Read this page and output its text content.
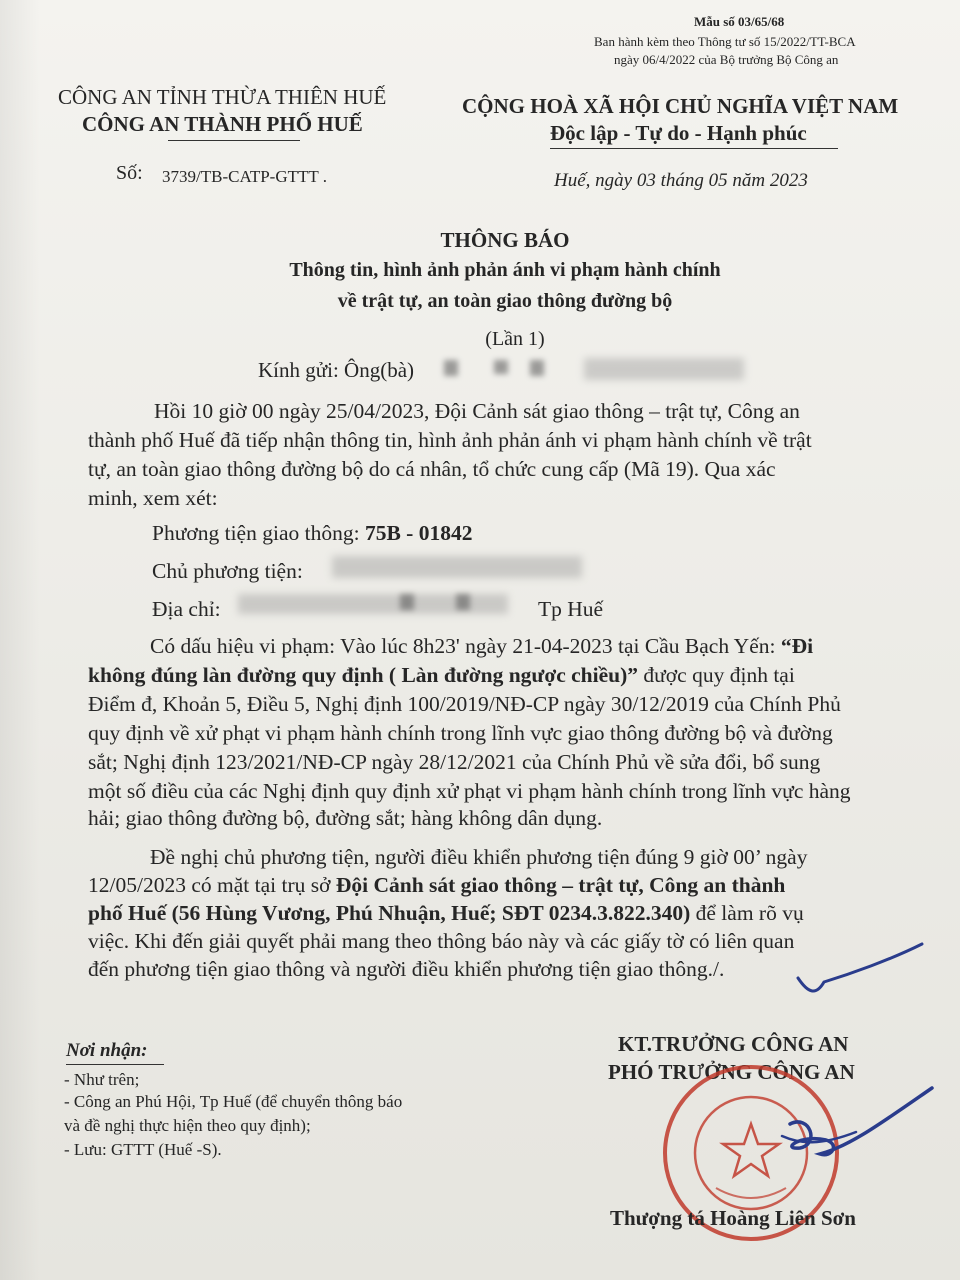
Mẫu số 03/65/68
Ban hành kèm theo Thông tư số 15/2022/TT-BCA
ngày 06/4/2022 của Bộ trưởng Bộ Công an
CÔNG AN TỈNH THỪA THIÊN HUẾ
CÔNG AN THÀNH PHỐ HUẾ
Số: 3739/TB-CATP-GTTT .
CỘNG HOÀ XÃ HỘI CHỦ NGHĨA VIỆT NAM
Độc lập - Tự do - Hạnh phúc
Huế, ngày 03 tháng 05 năm 2023
THÔNG BÁO
Thông tin, hình ảnh phản ánh vi phạm hành chính
về trật tự, an toàn giao thông đường bộ
(Lần 1)
Kính gửi: Ông(bà)
Hồi 10 giờ 00 ngày 25/04/2023, Đội Cảnh sát giao thông – trật tự, Công an
thành phố Huế đã tiếp nhận thông tin, hình ảnh phản ánh vi phạm hành chính về trật
tự, an toàn giao thông đường bộ do cá nhân, tổ chức cung cấp (Mã 19). Qua xác
minh, xem xét:
Phương tiện giao thông: 75B - 01842
Chủ phương tiện:
Địa chỉ:	Tp Huế
Có dấu hiệu vi phạm: Vào lúc 8h23' ngày 21-04-2023 tại Cầu Bạch Yến: “Đi
không đúng làn đường quy định ( Làn đường ngược chiều)” được quy định tại
Điểm đ, Khoản 5, Điều 5, Nghị định 100/2019/NĐ-CP ngày 30/12/2019 của Chính Phủ
quy định về xử phạt vi phạm hành chính trong lĩnh vực giao thông đường bộ và đường
sắt; Nghị định 123/2021/NĐ-CP ngày 28/12/2021 của Chính Phủ về sửa đổi, bổ sung
một số điều của các Nghị định quy định xử phạt vi phạm hành chính trong lĩnh vực hàng
hải; giao thông đường bộ, đường sắt; hàng không dân dụng.
Đề nghị chủ phương tiện, người điều khiển phương tiện đúng 9 giờ 00’ ngày
12/05/2023 có mặt tại trụ sở Đội Cảnh sát giao thông – trật tự, Công an thành
phố Huế (56 Hùng Vương, Phú Nhuận, Huế; SĐT 0234.3.822.340) để làm rõ vụ
việc. Khi đến giải quyết phải mang theo thông báo này và các giấy tờ có liên quan
đến phương tiện giao thông và người điều khiển phương tiện giao thông./.
Nơi nhận:
- Như trên;
- Công an Phú Hội, Tp Huế (để chuyển thông báo
và đề nghị thực hiện theo quy định);
- Lưu: GTTT (Huế -S).
KT.TRƯỞNG CÔNG AN
PHÓ TRƯỞNG CÔNG AN
Thượng tá Hoàng Liên Sơn
